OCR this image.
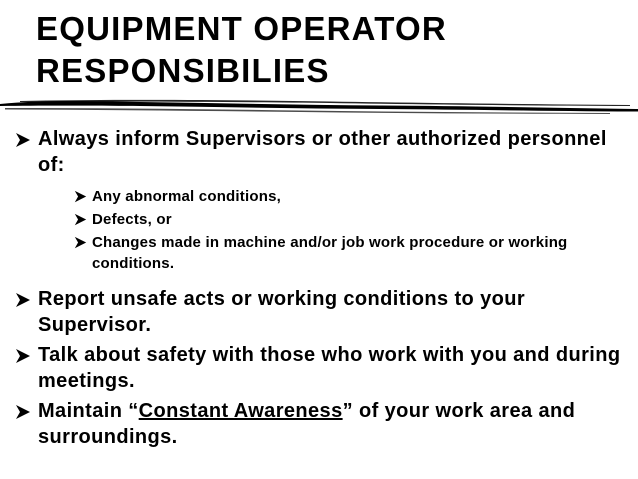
EQUIPMENT OPERATOR
RESPONSIBILIES
Always inform Supervisors or other authorized personnel of:
Any abnormal conditions,
Defects, or
Changes made in machine and/or job work procedure or working conditions.
Report unsafe acts or working conditions to your Supervisor.
Talk about safety with those who work with you and during meetings.
Maintain “Constant Awareness” of your work area and surroundings.
